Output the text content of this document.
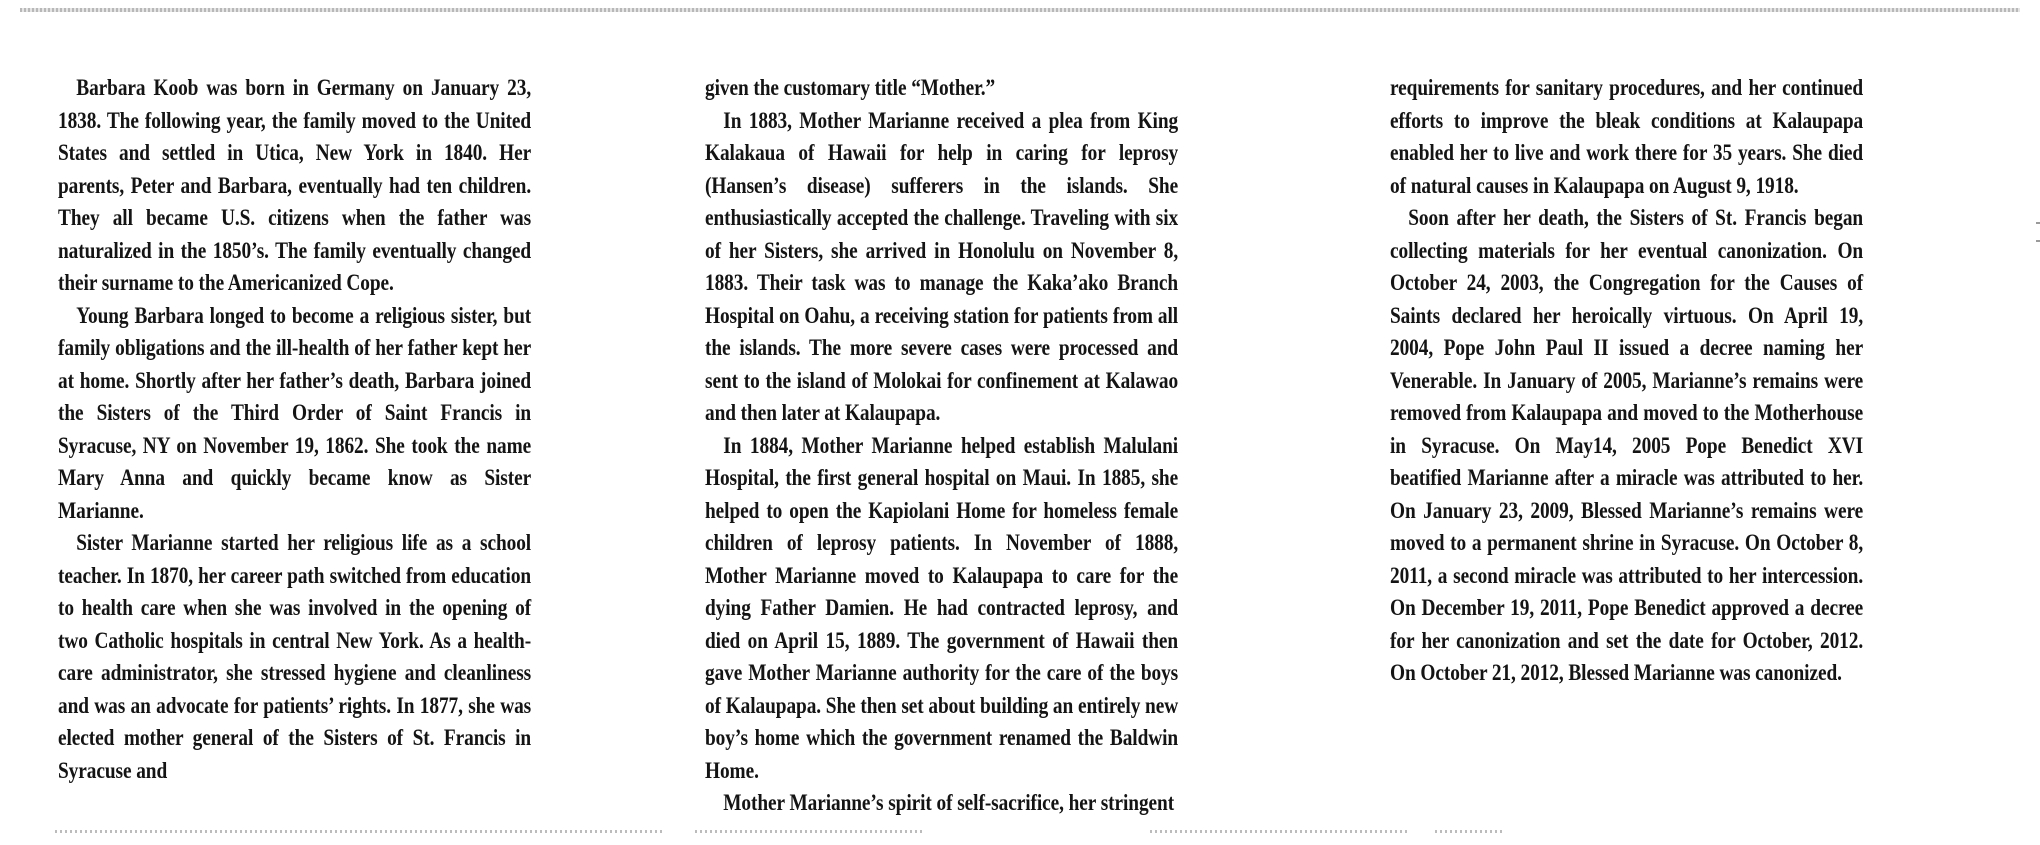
Barbara Koob was born in Germany on January 23, 1838. The following year, the family moved to the United States and settled in Utica, New York in 1840. Her parents, Peter and Barbara, eventually had ten children. They all became U.S. citizens when the father was naturalized in the 1850’s. The family eventually changed their surname to the Americanized Cope.

Young Barbara longed to become a religious sister, but family obligations and the ill-health of her father kept her at home. Shortly after her father’s death, Barbara joined the Sisters of the Third Order of Saint Francis in Syracuse, NY on November 19, 1862. She took the name Mary Anna and quickly became know as Sister Marianne.

Sister Marianne started her religious life as a school teacher. In 1870, her career path switched from education to health care when she was involved in the opening of two Catholic hospitals in central New York. As a health-care administrator, she stressed hygiene and cleanliness and was an advocate for patients’ rights. In 1877, she was elected mother general of the Sisters of St. Francis in Syracuse and

given the customary title “Mother.”

In 1883, Mother Marianne received a plea from King Kalakaua of Hawaii for help in caring for leprosy (Hansen’s disease) sufferers in the islands. She enthusiastically accepted the challenge. Traveling with six of her Sisters, she arrived in Honolulu on November 8, 1883. Their task was to manage the Kaka’ako Branch Hospital on Oahu, a receiving station for patients from all the islands. The more severe cases were processed and sent to the island of Molokai for confinement at Kalawao and then later at Kalaupapa.

In 1884, Mother Marianne helped establish Malulani Hospital, the first general hospital on Maui. In 1885, she helped to open the Kapiolani Home for homeless female children of leprosy patients. In November of 1888, Mother Marianne moved to Kalaupapa to care for the dying Father Damien. He had contracted leprosy, and died on April 15, 1889. The government of Hawaii then gave Mother Marianne authority for the care of the boys of Kalaupapa. She then set about building an entirely new boy’s home which the government renamed the Baldwin Home.

Mother Marianne’s spirit of self-sacrifice, her stringent

requirements for sanitary procedures, and her continued efforts to improve the bleak conditions at Kalaupapa enabled her to live and work there for 35 years. She died of natural causes in Kalaupapa on August 9, 1918.

Soon after her death, the Sisters of St. Francis began collecting materials for her eventual canonization. On October 24, 2003, the Congregation for the Causes of Saints declared her heroically virtuous. On April 19, 2004, Pope John Paul II issued a decree naming her Venerable. In January of 2005, Marianne’s remains were removed from Kalaupapa and moved to the Motherhouse in Syracuse. On May14, 2005 Pope Benedict XVI beatified Marianne after a miracle was attributed to her. On January 23, 2009, Blessed Marianne’s remains were moved to a permanent shrine in Syracuse. On October 8, 2011, a second miracle was attributed to her intercession. On December 19, 2011, Pope Benedict approved a decree for her canonization and set the date for October, 2012. On October 21, 2012, Blessed Marianne was canonized.
